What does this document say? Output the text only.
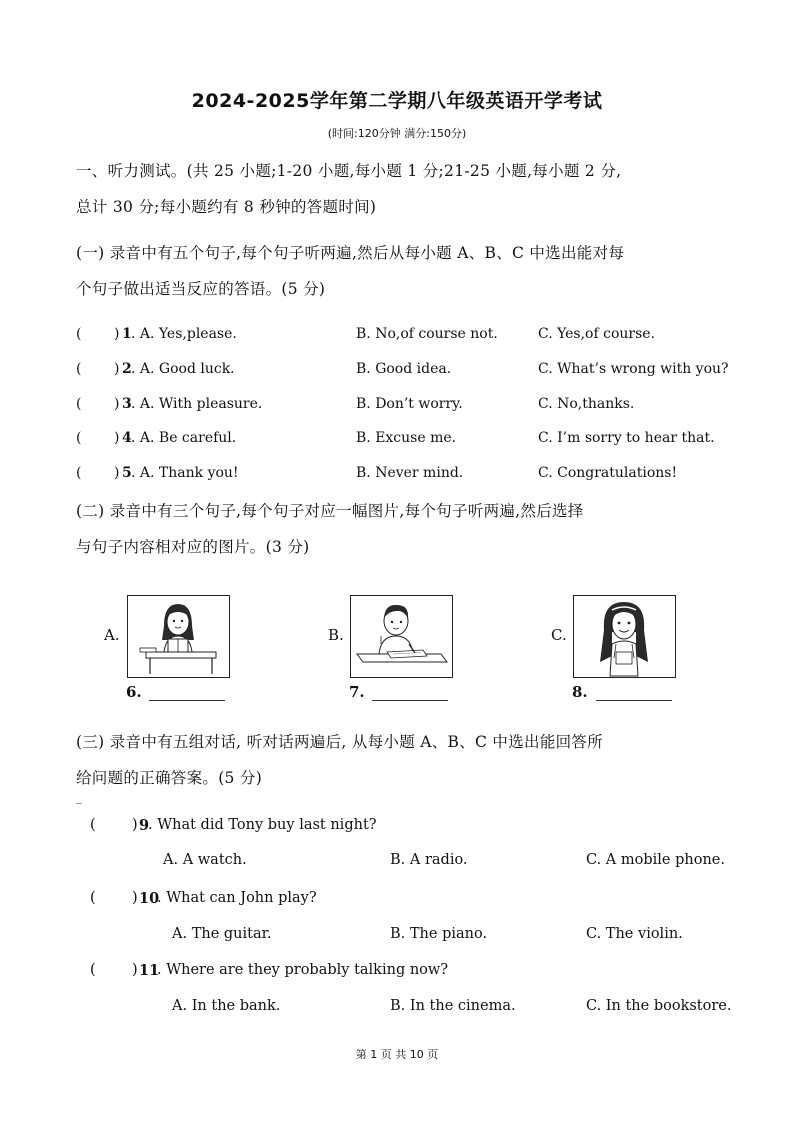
2024-2025学年第二学期八年级英语开学考试
(时间:120分钟 满分:150分)
一、听力测试。(共 25 小题;1-20 小题,每小题 1 分;21-25 小题,每小题 2 分,
总计 30 分;每小题约有 8 秒钟的答题时间)
(一) 录音中有五个句子,每个句子听两遍,然后从每小题 A、B、C 中选出能对每
个句子做出适当反应的答语。(5 分)
( ) 1 . A. Yes,please.	B. No,of course not.	C. Yes,of course.
( ) 2 . A. Good luck.	B. Good idea.	C. What’s wrong with you?
( ) 3 . A. With pleasure.	B. Don’t worry.	C. No,thanks.
( ) 4 . A. Be careful.	B. Excuse me.	C. I’m sorry to hear that.
( ) 5 . A. Thank you!	B. Never mind.	C. Congratulations!
(二) 录音中有三个句子,每个句子对应一幅图片,每个句子听两遍,然后选择
与句子内容相对应的图片。(3 分)
A.
6.
B.
7.
C.
8.
(三) 录音中有五组对话, 听对话两遍后, 从每小题 A、B、C 中选出能回答所
给问题的正确答案。(5 分)
(	) 9
. What did Tony buy last night?
A. A watch.	B. A radio.	C. A mobile phone.
(	) 10
. What can John play?
A. The guitar.	B. The piano.	C. The violin.
(	) 11
. Where are they probably talking now?
A. In the bank.	B. In the cinema.	C. In the bookstore.
第 1 页 共 10 页
